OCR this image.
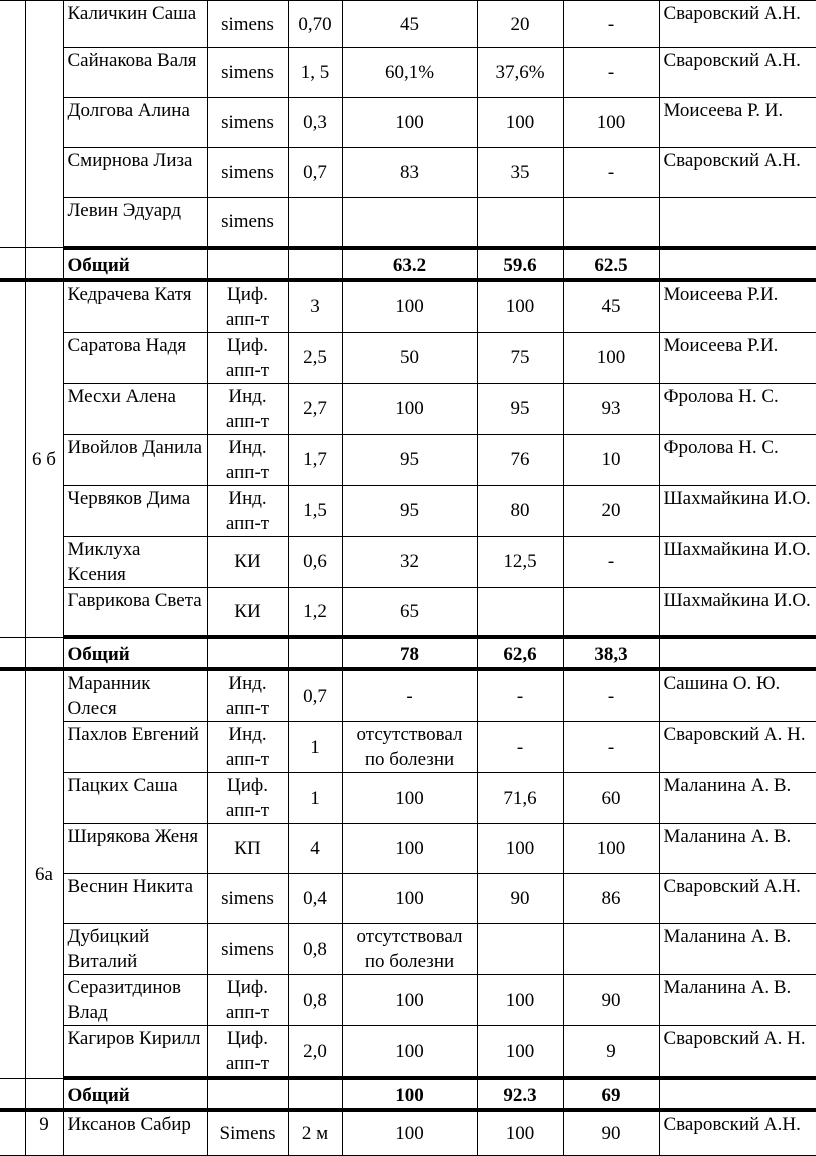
		Каличкин Саша	simens	0,70	45	20	-	Сваровский А.Н.
		Сайнакова Валя	simens	1, 5	60,1%	37,6%	-	Сваровский А.Н.
		Долгова Алина	simens	0,3	100	100	100	Моисеева Р. И.
		Смирнова Лиза	simens	0,7	83	35	-	Сваровский А.Н.
		Левин Эдуард	simens					
		Общий			63.2	59.6	62.5	
	6 б	Кедрачева Катя	Циф. апп-т	3	100	100	45	Моисеева Р.И.
		Саратова Надя	Циф. апп-т	2,5	50	75	100	Моисеева Р.И.
		Месхи Алена	Инд. апп-т	2,7	100	95	93	Фролова Н. С.
		Ивойлов Данила	Инд. апп-т	1,7	95	76	10	Фролова Н. С.
		Червяков Дима	Инд. апп-т	1,5	95	80	20	Шахмайкина И.О.
		Миклуха Ксения	КИ	0,6	32	12,5	-	Шахмайкина И.О.
		Гаврикова Света	КИ	1,2	65			Шахмайкина И.О.
		Общий			78	62,6	38,3	
	6а	Маранник Олеся	Инд. апп-т	0,7	-	-	-	Сашина О. Ю.
		Пахлов Евгений	Инд. апп-т	1	отсутствовал по болезни	-	-	Сваровский А. Н.
		Пацких Саша	Циф. апп-т	1	100	71,6	60	Маланина А. В.
		Ширякова Женя	КП	4	100	100	100	Маланина А. В.
		Веснин Никита	simens	0,4	100	90	86	Сваровский А.Н.
		Дубицкий Виталий	simens	0,8	отсутствовал по болезни			Маланина А. В.
		Серазитдинов Влад	Циф. апп-т	0,8	100	100	90	Маланина А. В.
		Кагиров Кирилл	Циф. апп-т	2,0	100	100	9	Сваровский А. Н.
		Общий			100	92.3	69	
	9	Иксанов Сабир	Simens	2 м	100	100	90	Сваровский А.Н.
